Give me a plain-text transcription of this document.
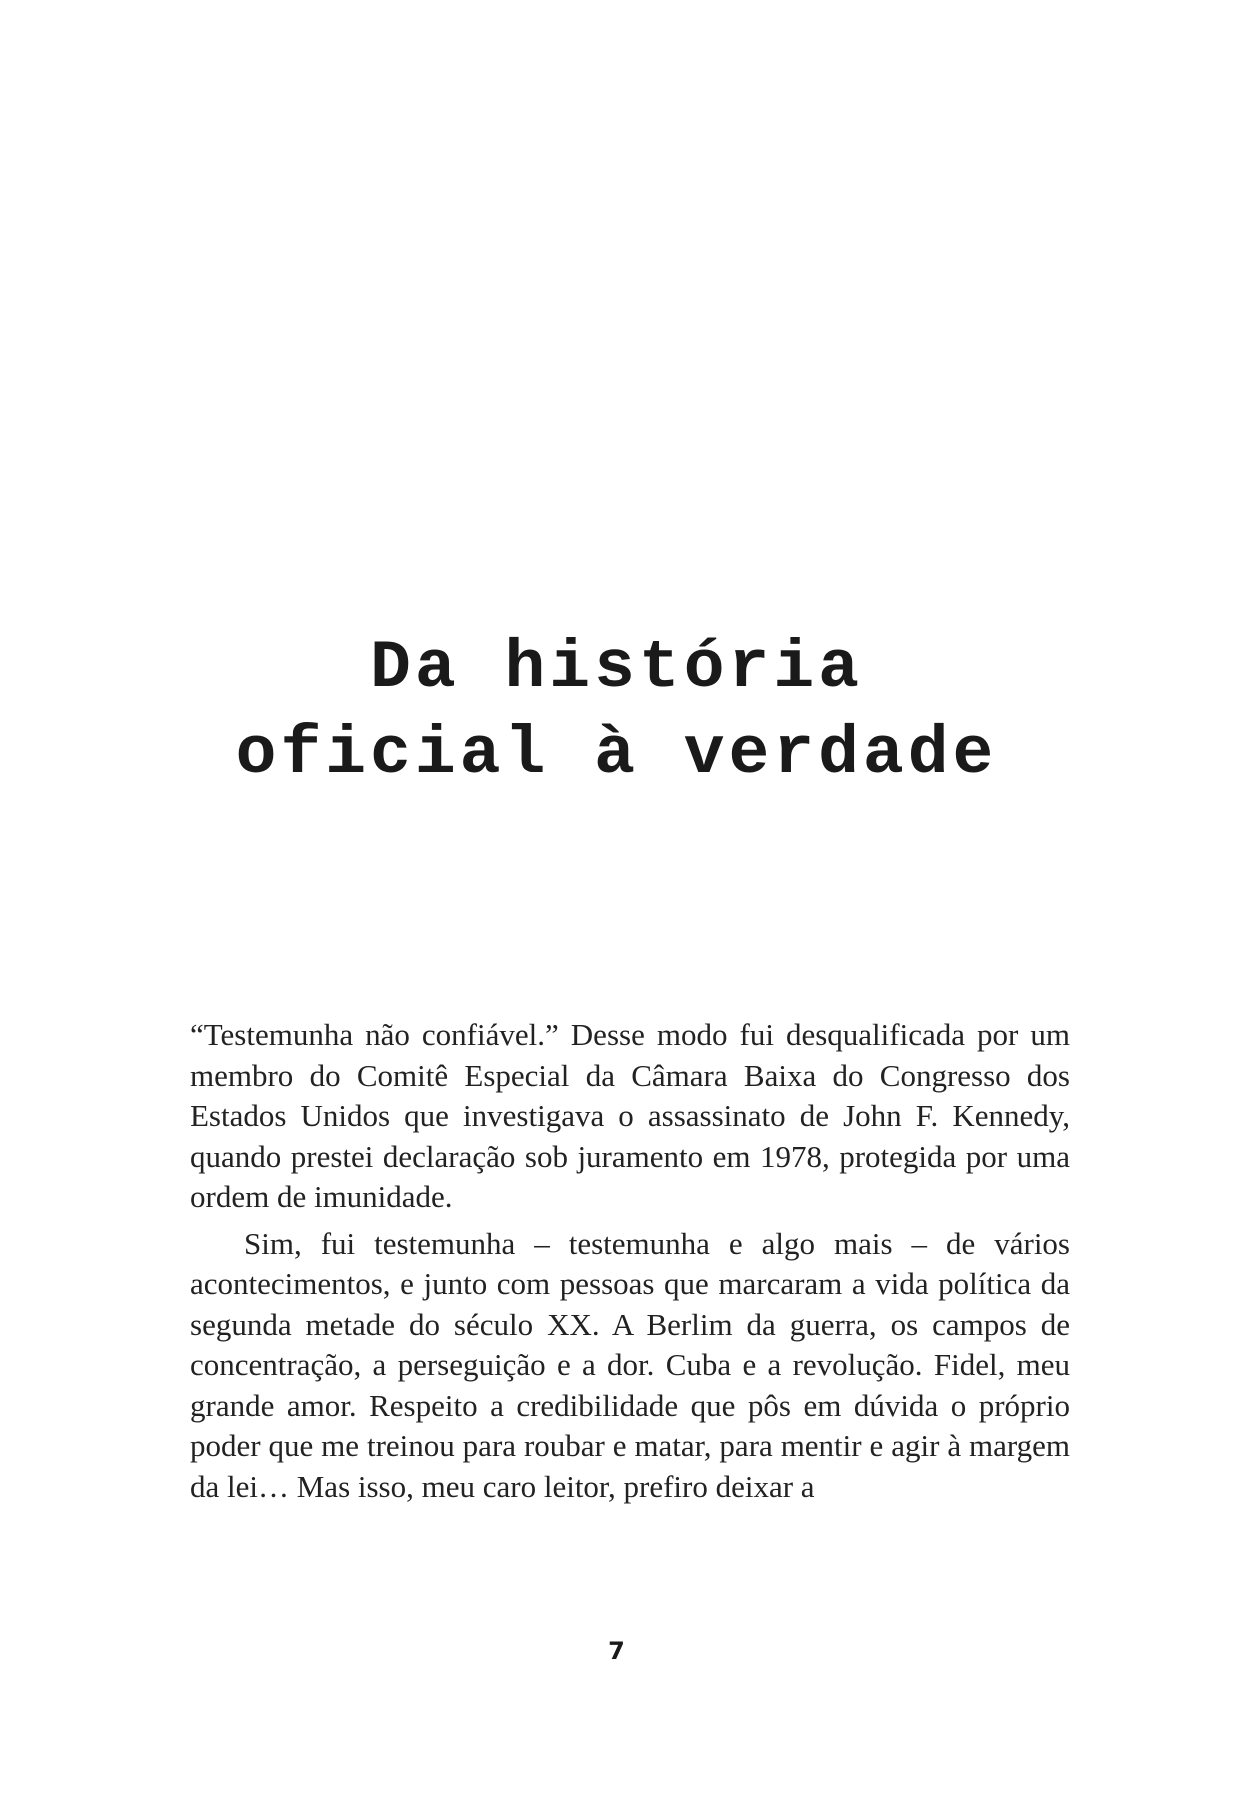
Da história
oficial à verdade

“Testemunha não confiável.” Desse modo fui desqualificada por um membro do Comitê Especial da Câmara Baixa do Congresso dos Estados Unidos que investigava o assassinato de John F. Kennedy, quando prestei declaração sob juramento em 1978, protegida por uma ordem de imunidade.

Sim, fui testemunha – testemunha e algo mais – de vários acontecimentos, e junto com pessoas que marcaram a vida política da segunda metade do século XX. A Berlim da guerra, os campos de concentração, a perseguição e a dor. Cuba e a revolução. Fidel, meu grande amor. Respeito a credibilidade que pôs em dúvida o próprio poder que me treinou para roubar e matar, para mentir e agir à margem da lei… Mas isso, meu caro leitor, prefiro deixar a

7
